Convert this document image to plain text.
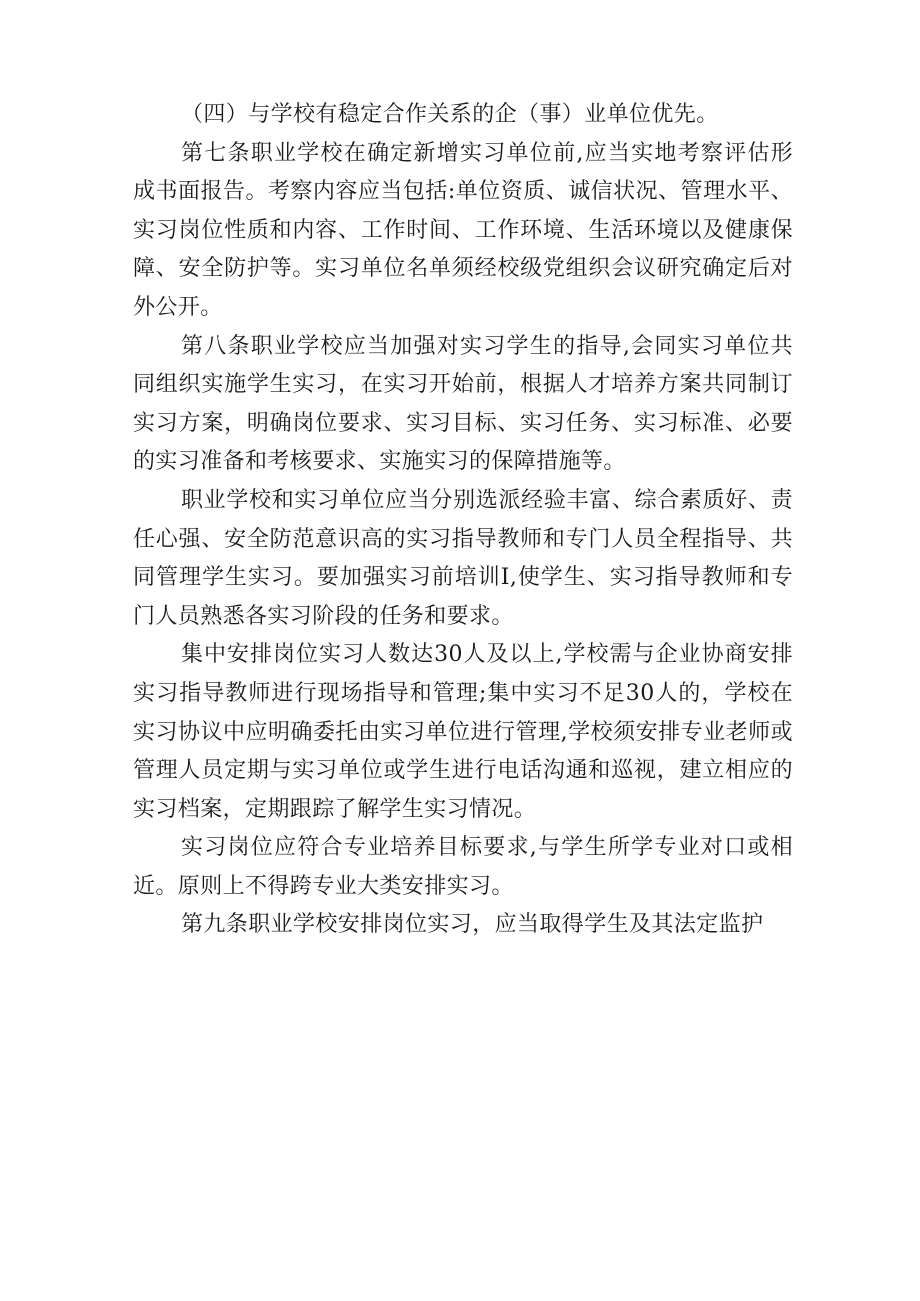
（四）与学校有稳定合作关系的企（事）业单位优先。

第七条职业学校在确定新增实习单位前,应当实地考察评估形成书面报告。考察内容应当包括:单位资质、诚信状况、管理水平、实习岗位性质和内容、工作时间、工作环境、生活环境以及健康保障、安全防护等。实习单位名单须经校级党组织会议研究确定后对外公开。

第八条职业学校应当加强对实习学生的指导,会同实习单位共同组织实施学生实习，在实习开始前，根据人才培养方案共同制订实习方案，明确岗位要求、实习目标、实习任务、实习标准、必要的实习准备和考核要求、实施实习的保障措施等。

职业学校和实习单位应当分别选派经验丰富、综合素质好、责任心强、安全防范意识高的实习指导教师和专门人员全程指导、共同管理学生实习。要加强实习前培训I,使学生、实习指导教师和专门人员熟悉各实习阶段的任务和要求。

集中安排岗位实习人数达30人及以上,学校需与企业协商安排实习指导教师进行现场指导和管理;集中实习不足30人的，学校在实习协议中应明确委托由实习单位进行管理,学校须安排专业老师或管理人员定期与实习单位或学生进行电话沟通和巡视，建立相应的实习档案，定期跟踪了解学生实习情况。

实习岗位应符合专业培养目标要求,与学生所学专业对口或相近。原则上不得跨专业大类安排实习。

第九条职业学校安排岗位实习，应当取得学生及其法定监护
